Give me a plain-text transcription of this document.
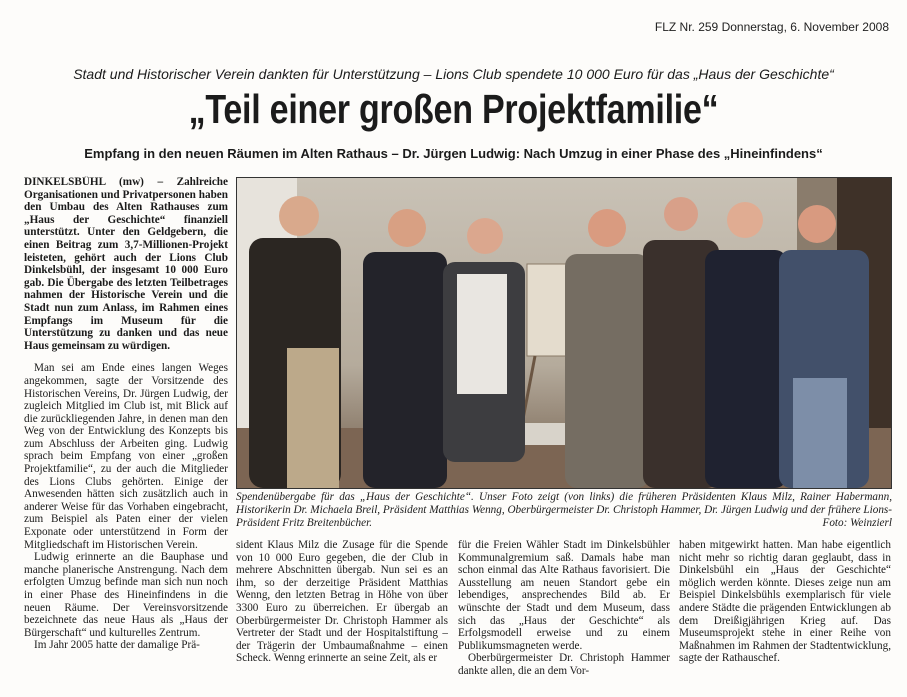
FLZ Nr. 259 Donnerstag, 6. November 2008
Stadt und Historischer Verein dankten für Unterstützung – Lions Club spendete 10 000 Euro für das „Haus der Geschichte“
„Teil einer großen Projektfamilie“
Empfang in den neuen Räumen im Alten Rathaus – Dr. Jürgen Ludwig: Nach Umzug in einer Phase des „Hineinfindens“

DINKELSBÜHL (mw) – Zahlreiche Organisationen und Privatpersonen haben den Umbau des Alten Rathauses zum „Haus der Geschichte“ finanziell unterstützt. Unter den Geldgebern, die einen Beitrag zum 3,7-Millionen-Projekt leisteten, gehört auch der Lions Club Dinkelsbühl, der insgesamt 10 000 Euro gab. Die Übergabe des letzten Teilbetrages nahmen der Historische Verein und die Stadt nun zum Anlass, im Rahmen eines Empfangs im Museum für die Unterstützung zu danken und das neue Haus gemeinsam zu würdigen.

Man sei am Ende eines langen Weges angekommen, sagte der Vorsitzende des Historischen Vereins, Dr. Jürgen Ludwig, der zugleich Mitglied im Club ist, mit Blick auf die zurückliegenden Jahre, in denen man den Weg von der Entwicklung des Konzepts bis zum Abschluss der Arbeiten ging. Ludwig sprach beim Empfang von einer „großen Projektfamilie“, zu der auch die Mitglieder des Lions Clubs gehörten. Einige der Anwesenden hätten sich zusätzlich auch in anderer Weise für das Vorhaben eingebracht, zum Beispiel als Paten einer der vielen Exponate oder unterstützend in Form der Mitgliedschaft im Historischen Verein.

Ludwig erinnerte an die Bauphase und manche planerische Anstrengung. Nach dem erfolgten Umzug befinde man sich nun noch in einer Phase des Hineinfindens in die neuen Räume. Der Vereinsvorsitzende bezeichnete das neue Haus als „Haus der Bürgerschaft“ und kulturelles Zentrum.

Im Jahr 2005 hatte der damalige Prä-

Spendenübergabe für das „Haus der Geschichte“. Unser Foto zeigt (von links) die früheren Präsidenten Klaus Milz, Rainer Habermann, Historikerin Dr. Michaela Breil, Präsident Matthias Wenng, Oberbürgermeister Dr. Christoph Hammer, Dr. Jürgen Ludwig und der frühere Lions-Präsident Fritz Breitenbücher.	Foto: Weinzierl

sident Klaus Milz die Zusage für die Spende von 10 000 Euro gegeben, die der Club in mehrere Abschnitten übergab. Nun sei es an ihm, so der derzeitige Präsident Matthias Wenng, den letzten Betrag in Höhe von über 3300 Euro zu überreichen. Er übergab an Oberbürgermeister Dr. Christoph Hammer als Vertreter der Stadt und der Hospitalstiftung – der Trägerin der Umbaumaßnahme – einen Scheck. Wenng erinnerte an seine Zeit, als er

für die Freien Wähler Stadt im Dinkelsbühler Kommunalgremium saß. Damals habe man schon einmal das Alte Rathaus favorisiert. Die Ausstellung am neuen Standort gebe ein lebendiges, ansprechendes Bild ab. Er wünschte der Stadt und dem Museum, dass sich das „Haus der Geschichte“ als Erfolgsmodell erweise und zu einem Publikumsmagneten werde.

Oberbürgermeister Dr. Christoph Hammer dankte allen, die an dem Vor-

haben mitgewirkt hatten. Man habe eigentlich nicht mehr so richtig daran geglaubt, dass in Dinkelsbühl ein „Haus der Geschichte“ möglich werden könnte. Dieses zeige nun am Beispiel Dinkelsbühls exemplarisch für viele andere Städte die prägenden Entwicklungen ab dem Dreißigjährigen Krieg auf. Das Museumsprojekt stehe in einer Reihe von Maßnahmen im Rahmen der Stadtentwicklung, sagte der Rathauschef.
